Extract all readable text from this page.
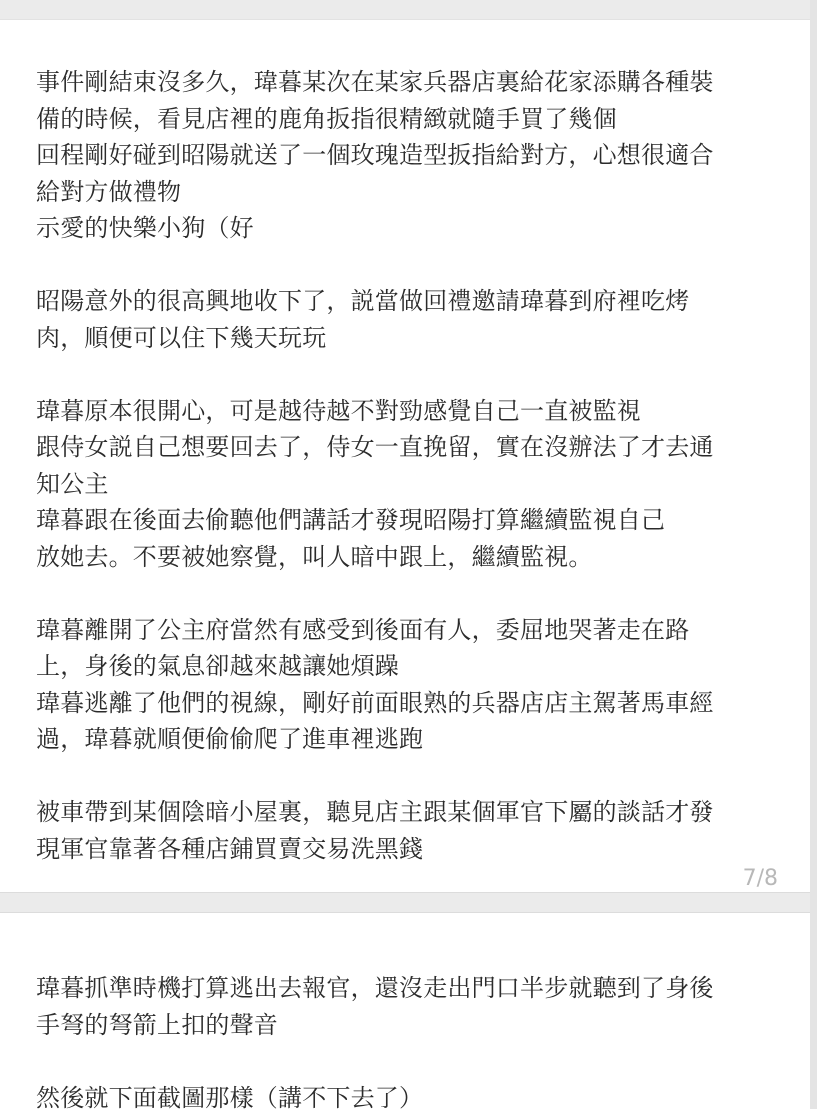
事件剛結束沒多久，瑋暮某次在某家兵器店裏給花家添購各種裝
備的時候，看見店裡的鹿角扳指很精緻就隨手買了幾個
回程剛好碰到昭陽就送了一個玫瑰造型扳指給對方，心想很適合
給對方做禮物
示愛的快樂小狗（好
昭陽意外的很高興地收下了，説當做回禮邀請瑋暮到府裡吃烤
肉，順便可以住下幾天玩玩
瑋暮原本很開心，可是越待越不對勁感覺自己一直被監視
跟侍女説自己想要回去了，侍女一直挽留，實在沒辦法了才去通
知公主
瑋暮跟在後面去偷聽他們講話才發現昭陽打算繼續監視自己
放她去。不要被她察覺，叫人暗中跟上，繼續監視。
瑋暮離開了公主府當然有感受到後面有人，委屈地哭著走在路
上，身後的氣息卻越來越讓她煩躁
瑋暮逃離了他們的視線，剛好前面眼熟的兵器店店主駕著馬車經
過，瑋暮就順便偷偷爬了進車裡逃跑
被車帶到某個陰暗小屋裏，聽見店主跟某個軍官下屬的談話才發
現軍官靠著各種店鋪買賣交易洗黑錢
7/8
瑋暮抓準時機打算逃出去報官，還沒走出門口半步就聽到了身後
手弩的弩箭上扣的聲音
然後就下面截圖那樣（講不下去了）
